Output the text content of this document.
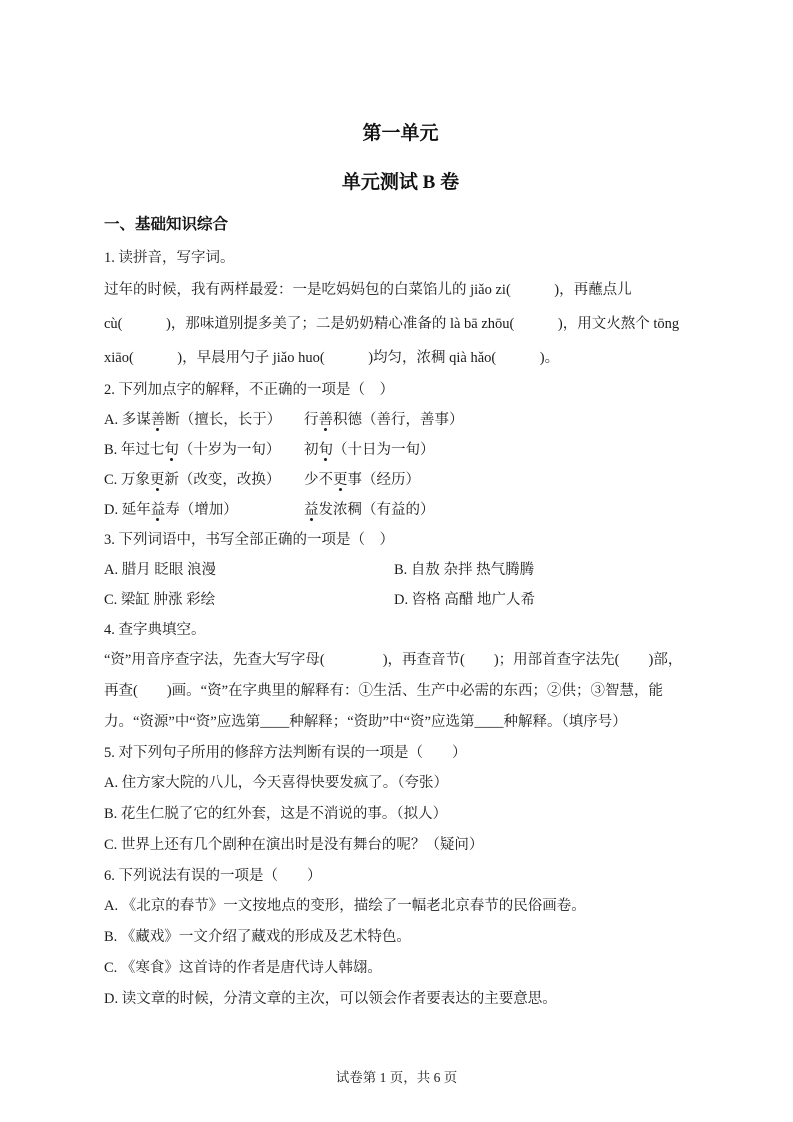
第一单元
单元测试 B 卷
一、基础知识综合

1. 读拼音，写字词。

过年的时候，我有两样最爱：一是吃妈妈包的白菜馅儿的 jiǎo zi(　　　)，再蘸点儿

cù(　　　)，那味道别提多美了；二是奶奶精心准备的 là bā zhōu(　　　)，用文火熬个 tōng

xiāo(　　　)，早晨用勺子 jiǎo huo(　　　)均匀，浓稠 qià hǎo(　　　)。

2. 下列加点字的解释，不正确的一项是（　）

A. 多谋善断（擅长，长于） 行善积德（善行，善事）

B. 年过七旬（十岁为一旬） 初旬（十日为一旬）

C. 万象更新（改变，改换） 少不更事（经历）

D. 延年益寿（增加）	益发浓稠（有益的）

3. 下列词语中，书写全部正确的一项是（　）

A. 腊月 眨眼 浪漫	B. 自敖 杂拌 热气腾腾

C. 梁缸 肿涨 彩绘	D. 咨格 高醋 地广人希

4. 查字典填空。

“资”用音序查字法，先查大写字母(　　　　)，再查音节(　　)；用部首查字法先(　　)部，

再查(　　)画。“资”在字典里的解释有：①生活、生产中必需的东西；②供；③智慧，能

力。“资源”中“资”应选第____种解释；“资助”中“资”应选第____种解释。（填序号）

5. 对下列句子所用的修辞方法判断有误的一项是（　　）

A. 住方家大院的八儿，今天喜得快要发疯了。（夸张）

B. 花生仁脱了它的红外套，这是不消说的事。（拟人）

C. 世界上还有几个剧种在演出时是没有舞台的呢？（疑问）

6. 下列说法有误的一项是（　　）

A. 《北京的春节》一文按地点的变形，描绘了一幅老北京春节的民俗画卷。

B. 《藏戏》一文介绍了藏戏的形成及艺术特色。

C. 《寒食》这首诗的作者是唐代诗人韩翃。

D. 读文章的时候，分清文章的主次，可以领会作者要表达的主要意思。

试卷第 1 页，共 6 页
